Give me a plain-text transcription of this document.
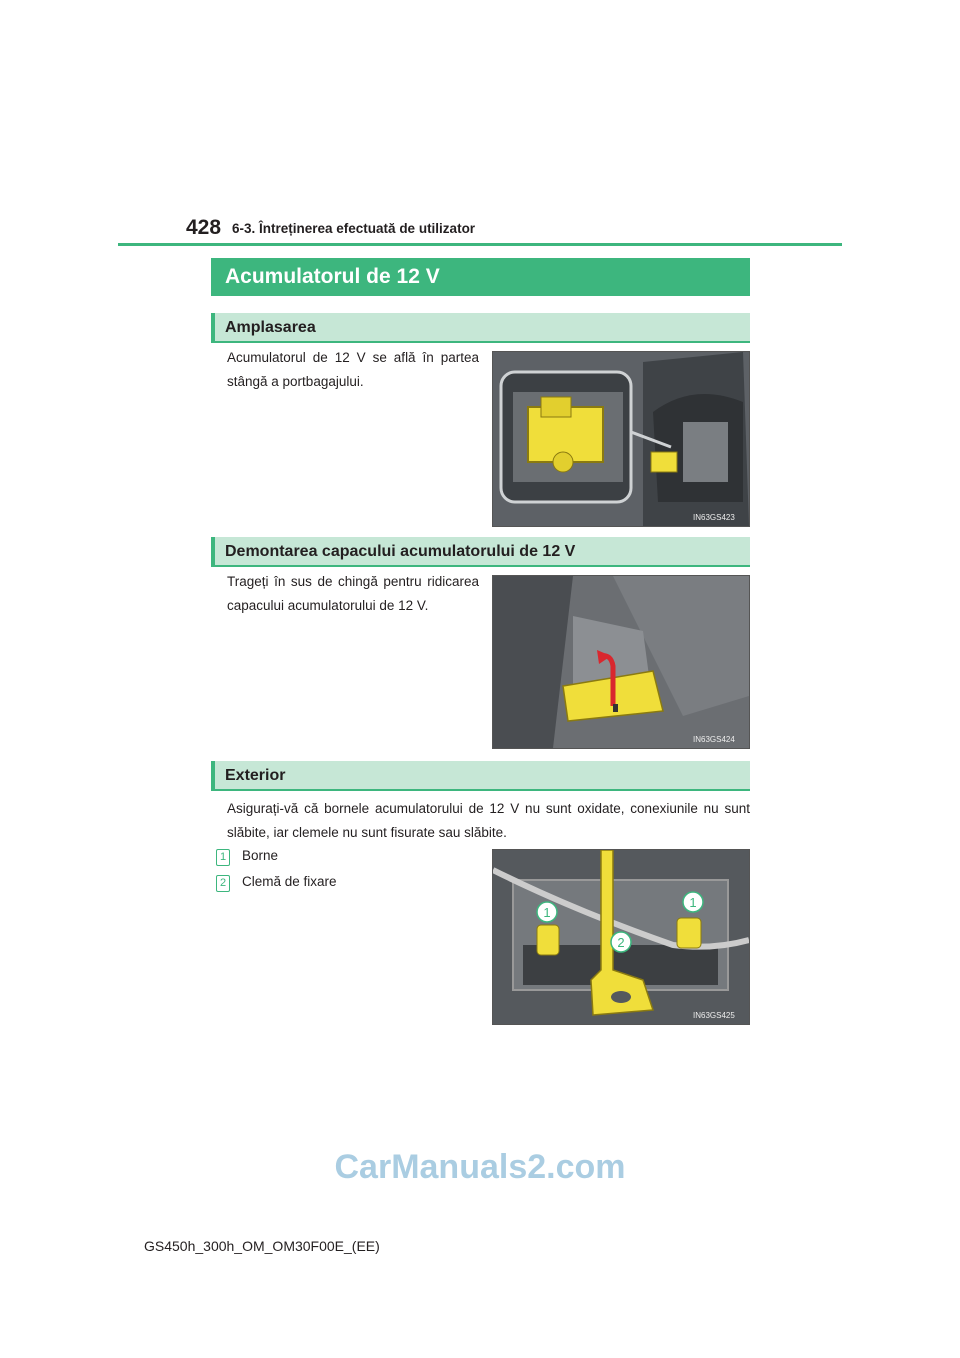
428 6-3. Întreținerea efectuată de utilizator
Acumulatorul de 12 V
Amplasarea
Acumulatorul de 12 V se află în partea stângă a portbagajului.
IN63GS423
Demontarea capacului acumulatorului de 12 V
Trageți în sus de chingă pentru ridicarea capacului acumulatorului de 12 V.
IN63GS424
Exterior
Asigurați-vă că bornele acumulatorului de 12 V nu sunt oxidate, conexiunile nu sunt slăbite, iar clemele nu sunt fisurate sau slăbite.
1 Borne
2 Clemă de fixare
1
1
2
IN63GS425
CarManuals2.com
GS450h_300h_OM_OM30F00E_(EE)
